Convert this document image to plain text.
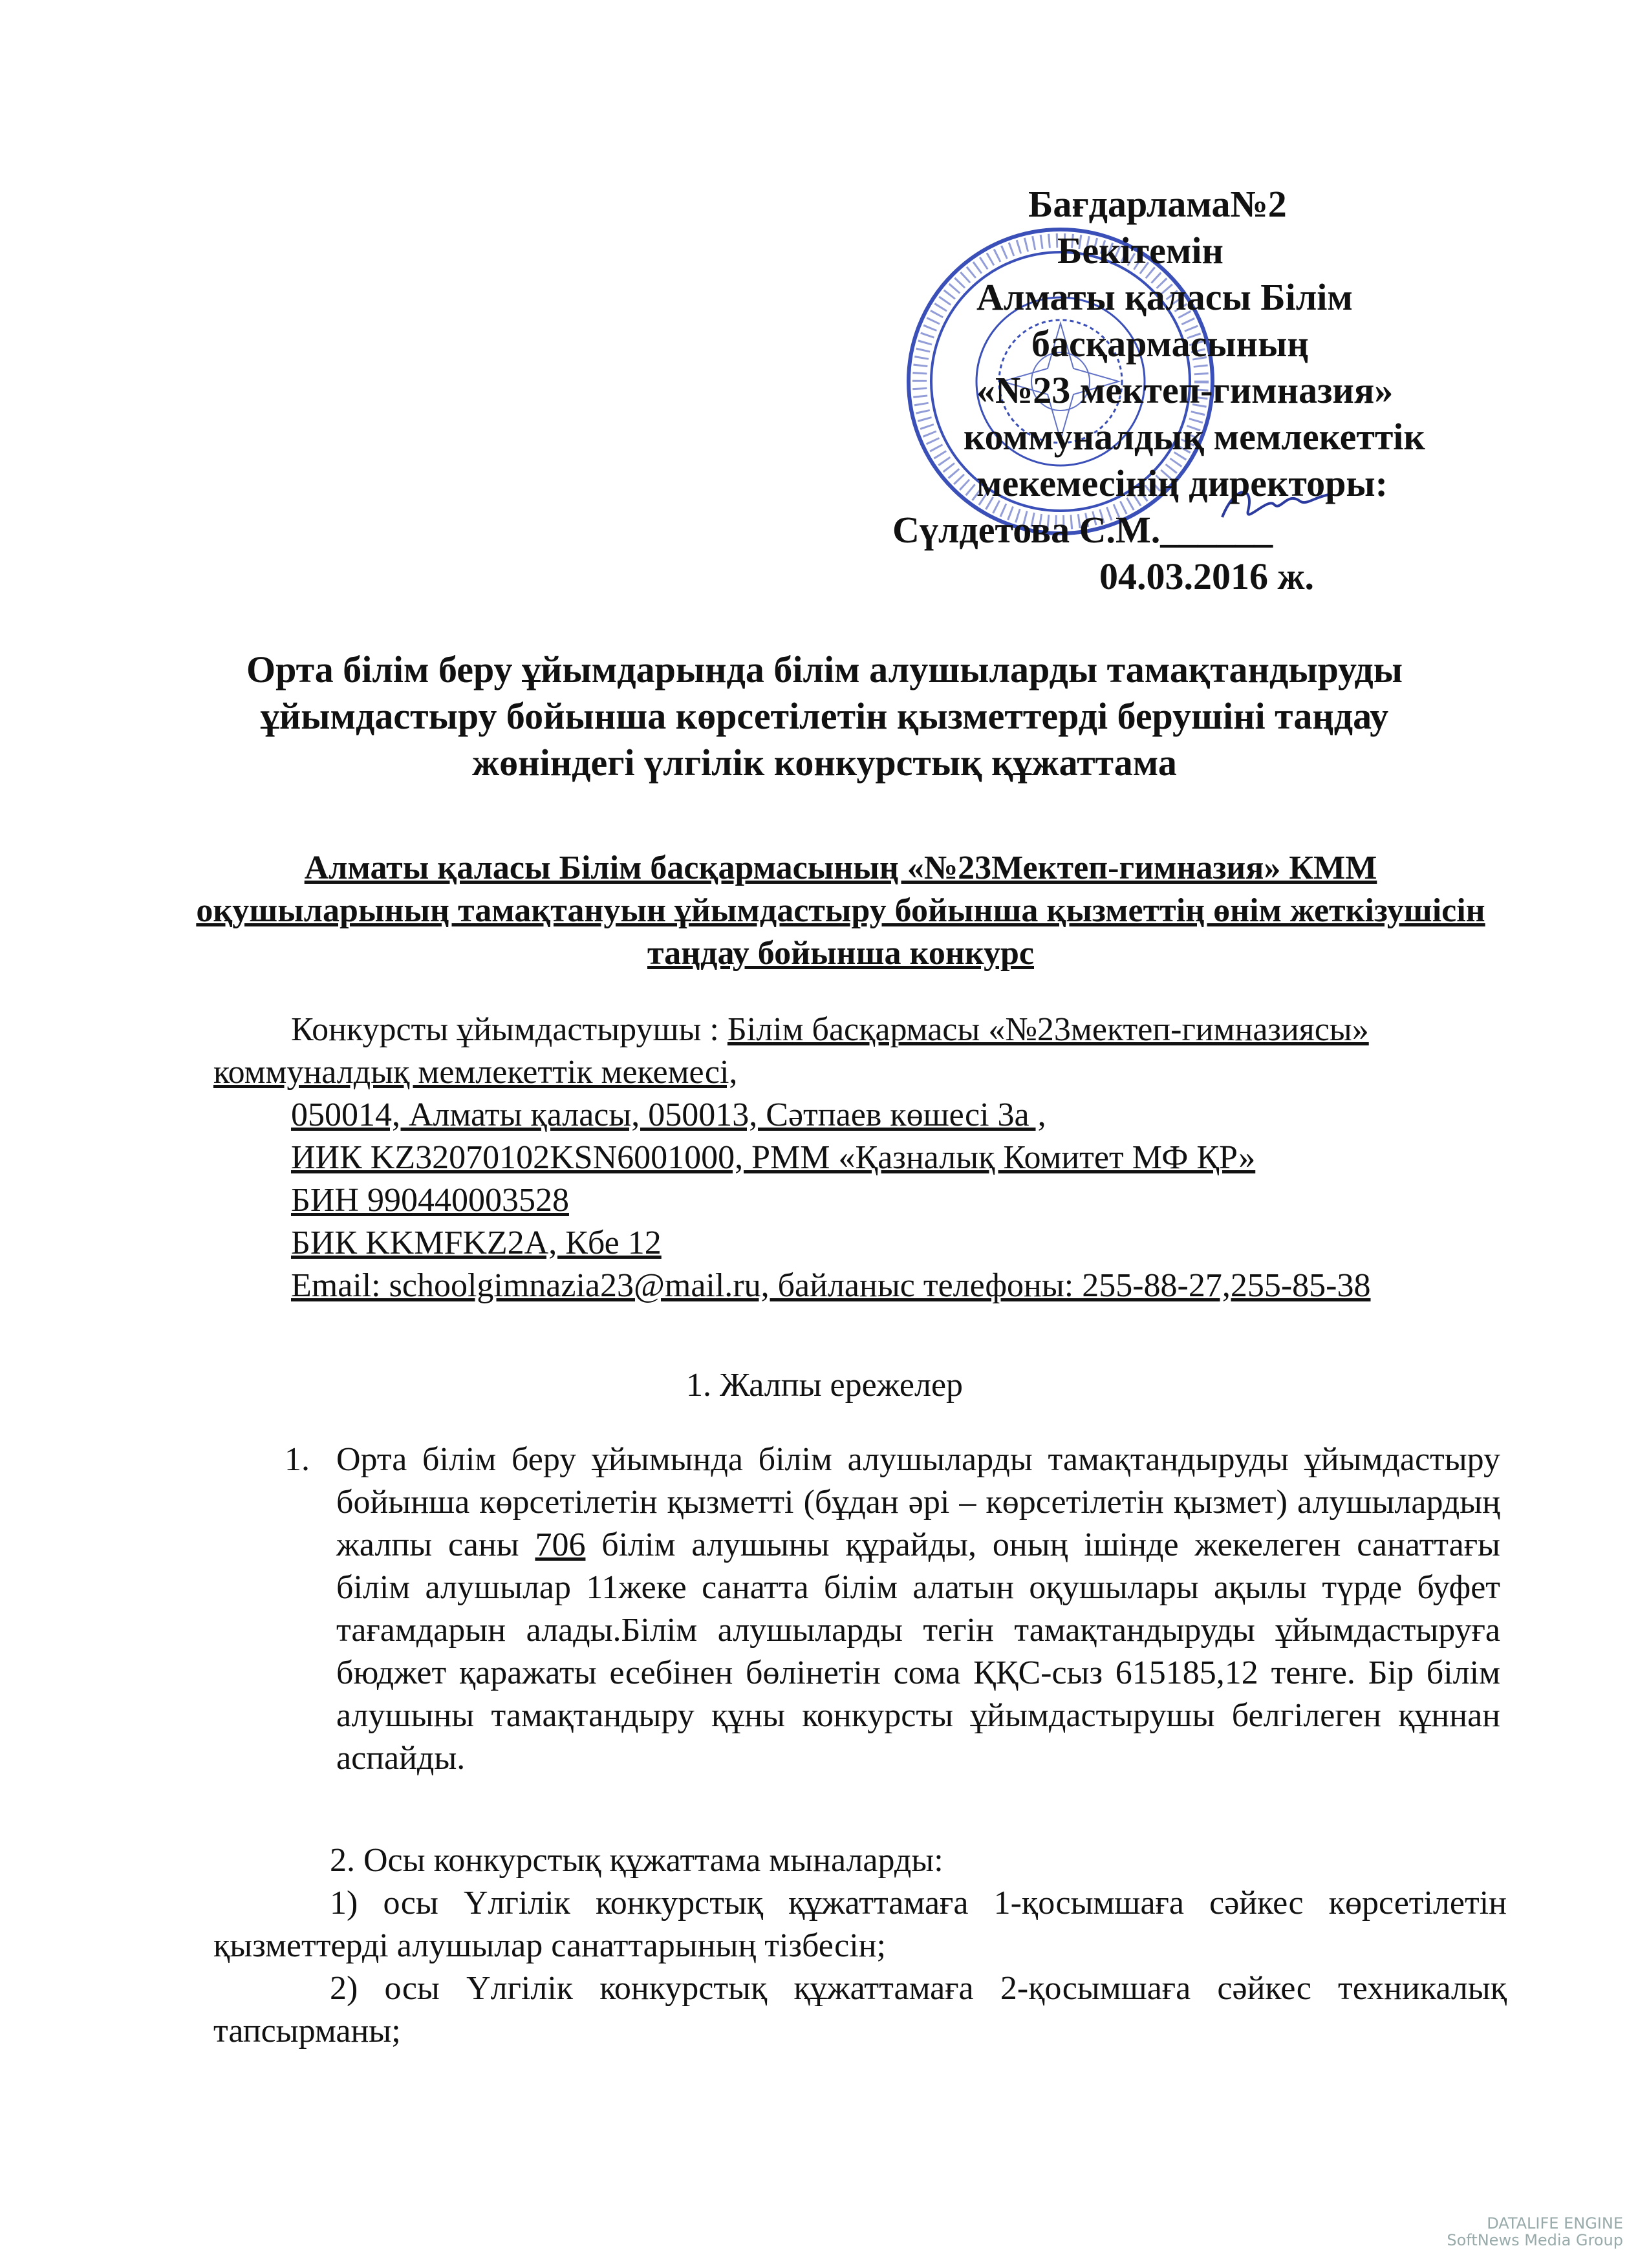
Бағдарлама№2
Бекітемін
Алматы қаласы Білім
басқармасының
«№23 мектеп-гимназия»
коммуналдық мемлекеттік
мекемесінің директоры:
Сүлдетова С.М.______
04.03.2016 ж.
Орта білім беру ұйымдарында білім алушыларды тамақтандыруды
ұйымдастыру бойынша көрсетілетін қызметтерді берушіні таңдау
жөніндегі үлгілік конкурстық құжаттама
Алматы қаласы Білім басқармасының «№23Мектеп-гимназия» КММ
оқушыларының тамақтануын ұйымдастыру бойынша қызметтің өнім жеткізушісін
таңдау бойынша конкурс
Конкурсты ұйымдастырушы : Білім басқармасы «№23мектеп-гимназиясы»
коммуналдық мемлекеттік мекемесі,
050014, Алматы қаласы, 050013, Сәтпаев көшесі 3а ,
ИИК KZ32070102KSN6001000, РММ «Қазналық Комитет МФ ҚР»
БИН 990440003528
БИК KKMFKZ2A, Кбе 12
Email: schoolgimnazia23@mail.ru, байланыс телефоны: 255-88-27,255-85-38
1. Жалпы ережелер
1. Орта білім беру ұйымында білім алушыларды тамақтандыруды ұйымдастыру бойынша көрсетілетін қызметті (бұдан әрі – көрсетілетін қызмет) алушылардың жалпы саны 706 білім алушыны құрайды, оның ішінде жекелеген санаттағы білім алушылар 11жеке санатта білім алатын оқушылары ақылы түрде буфет тағамдарын алады.Білім алушыларды тегін тамақтандыруды ұйымдастыруға бюджет қаражаты есебінен бөлінетін сома ҚҚС-сыз 615185,12 тенге. Бір білім алушыны тамақтандыру құны конкурсты ұйымдастырушы белгілеген құннан аспайды.
2. Осы конкурстық құжаттама мыналарды:
1) осы Үлгілік конкурстық құжаттамаға 1-қосымшаға сәйкес көрсетілетін қызметтерді алушылар санаттарының тізбесін;
2) осы Үлгілік конкурстық құжаттамаға 2-қосымшаға сәйкес техникалық тапсырманы;
DATALIFE ENGINE
SoftNews Media Group
